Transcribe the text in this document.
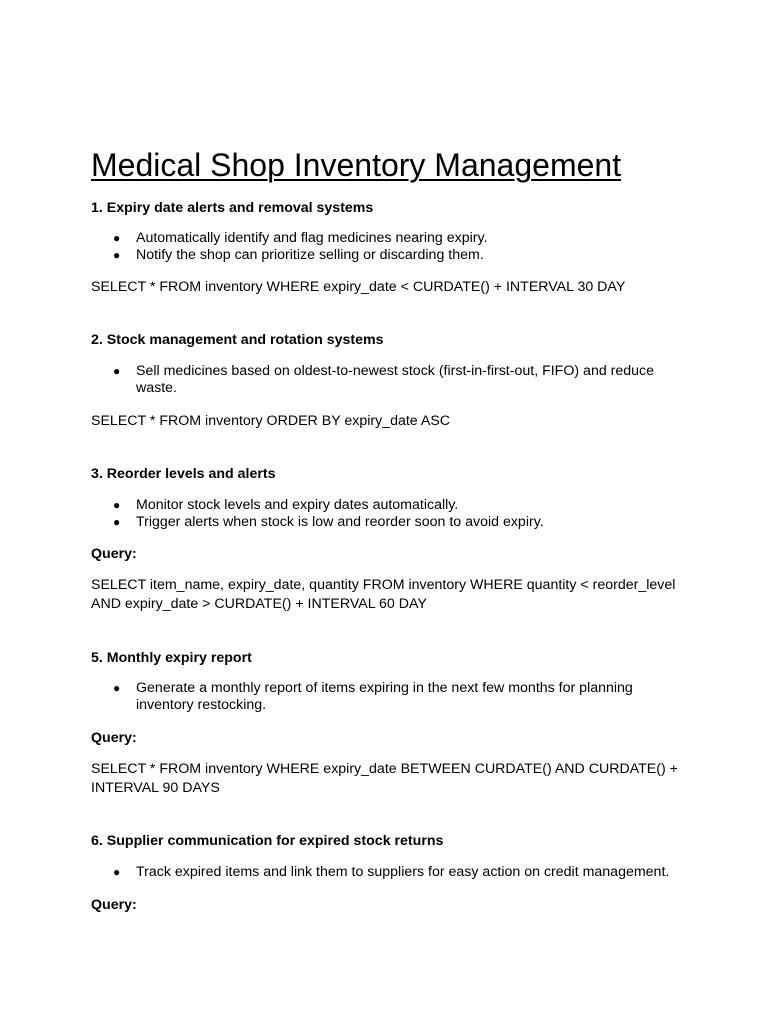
Medical Shop Inventory Management
1. Expiry date alerts and removal systems
● Automatically identify and flag medicines nearing expiry.
● Notify the shop can prioritize selling or discarding them.
SELECT * FROM inventory WHERE expiry_date < CURDATE() + INTERVAL 30 DAY
2. Stock management and rotation systems
● Sell medicines based on oldest-to-newest stock (first-in-first-out, FIFO) and reduce waste.
SELECT * FROM inventory ORDER BY expiry_date ASC
3. Reorder levels and alerts
● Monitor stock levels and expiry dates automatically.
● Trigger alerts when stock is low and reorder soon to avoid expiry.
Query:
SELECT item_name, expiry_date, quantity FROM inventory WHERE quantity < reorder_level AND expiry_date > CURDATE() + INTERVAL 60 DAY
5. Monthly expiry report
● Generate a monthly report of items expiring in the next few months for planning inventory restocking.
Query:
SELECT * FROM inventory WHERE expiry_date BETWEEN CURDATE() AND CURDATE() + INTERVAL 90 DAYS
6. Supplier communication for expired stock returns
● Track expired items and link them to suppliers for easy action on credit management.
Query:
